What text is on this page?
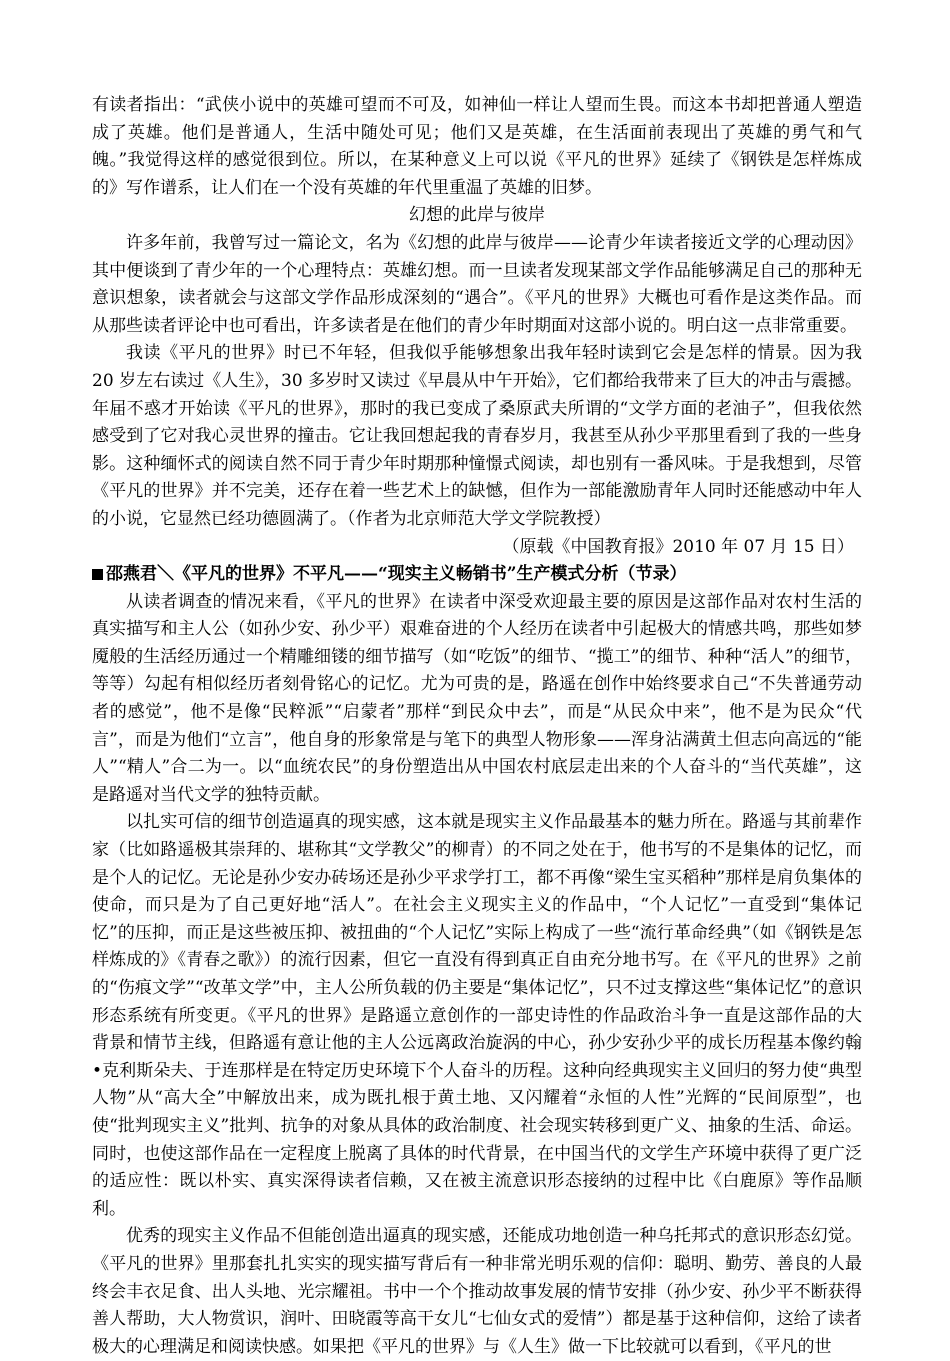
有读者指出：“武侠小说中的英雄可望而不可及，如神仙一样让人望而生畏。而这本书却把普通人塑造成了英雄。他们是普通人，生活中随处可见；他们又是英雄，在生活面前表现出了英雄的勇气和气魄。”我觉得这样的感觉很到位。所以，在某种意义上可以说《平凡的世界》延续了《钢铁是怎样炼成的》写作谱系，让人们在一个没有英雄的年代里重温了英雄的旧梦。

幻想的此岸与彼岸

许多年前，我曾写过一篇论文，名为《幻想的此岸与彼岸——论青少年读者接近文学的心理动因》其中便谈到了青少年的一个心理特点：英雄幻想。而一旦读者发现某部文学作品能够满足自己的那种无意识想象，读者就会与这部文学作品形成深刻的“遇合”。《平凡的世界》大概也可看作是这类作品。而从那些读者评论中也可看出，许多读者是在他们的青少年时期面对这部小说的。明白这一点非常重要。

我读《平凡的世界》时已不年轻，但我似乎能够想象出我年轻时读到它会是怎样的情景。因为我 20 岁左右读过《人生》，30 多岁时又读过《早晨从中午开始》，它们都给我带来了巨大的冲击与震撼。年届不惑才开始读《平凡的世界》，那时的我已变成了桑原武夫所谓的“文学方面的老油子”，但我依然感受到了它对我心灵世界的撞击。它让我回想起我的青春岁月，我甚至从孙少平那里看到了我的一些身影。这种缅怀式的阅读自然不同于青少年时期那种憧憬式阅读，却也别有一番风味。于是我想到，尽管《平凡的世界》并不完美，还存在着一些艺术上的缺憾，但作为一部能激励青年人同时还能感动中年人的小说，它显然已经功德圆满了。（作者为北京师范大学文学院教授）

（原载《中国教育报》2010 年 07 月 15 日）

邵燕君＼《平凡的世界》不平凡——“现实主义畅销书”生产模式分析（节录）

从读者调查的情况来看，《平凡的世界》在读者中深受欢迎最主要的原因是这部作品对农村生活的真实描写和主人公（如孙少安、孙少平）艰难奋进的个人经历在读者中引起极大的情感共鸣，那些如梦魇般的生活经历通过一个精雕细镂的细节描写（如“吃饭”的细节、“揽工”的细节、种种“活人”的细节，等等）勾起有相似经历者刻骨铭心的记忆。尤为可贵的是，路遥在创作中始终要求自己“不失普通劳动者的感觉”，他不是像“民粹派”“启蒙者”那样“到民众中去”，而是“从民众中来”，他不是为民众“代言”，而是为他们“立言”，他自身的形象常是与笔下的典型人物形象——浑身沾满黄土但志向高远的“能人”“精人”合二为一。以“血统农民”的身份塑造出从中国农村底层走出来的个人奋斗的“当代英雄”，这是路遥对当代文学的独特贡献。

以扎实可信的细节创造逼真的现实感，这本就是现实主义作品最基本的魅力所在。路遥与其前辈作家（比如路遥极其崇拜的、堪称其“文学教父”的柳青）的不同之处在于，他书写的不是集体的记忆，而是个人的记忆。无论是孙少安办砖场还是孙少平求学打工，都不再像“梁生宝买稻种”那样是肩负集体的使命，而只是为了自己更好地“活人”。在社会主义现实主义的作品中，“个人记忆”一直受到“集体记忆”的压抑，而正是这些被压抑、被扭曲的“个人记忆”实际上构成了一些“流行革命经典”（如《钢铁是怎样炼成的》《青春之歌》）的流行因素，但它一直没有得到真正自由充分地书写。在《平凡的世界》之前的“伤痕文学”“改革文学”中，主人公所负载的仍主要是“集体记忆”，只不过支撑这些“集体记忆”的意识形态系统有所变更。《平凡的世界》是路遥立意创作的一部史诗性的作品政治斗争一直是这部作品的大背景和情节主线，但路遥有意让他的主人公远离政治旋涡的中心，孙少安孙少平的成长历程基本像约翰•克利斯朵夫、于连那样是在特定历史环境下个人奋斗的历程。这种向经典现实主义回归的努力使“典型人物”从“高大全”中解放出来，成为既扎根于黄土地、又闪耀着“永恒的人性”光辉的“民间原型”，也使“批判现实主义”批判、抗争的对象从具体的政治制度、社会现实转移到更广义、抽象的生活、命运。同时，也使这部作品在一定程度上脱离了具体的时代背景，在中国当代的文学生产环境中获得了更广泛的适应性：既以朴实、真实深得读者信赖，又在被主流意识形态接纳的过程中比《白鹿原》等作品顺利。

优秀的现实主义作品不但能创造出逼真的现实感，还能成功地创造一种乌托邦式的意识形态幻觉。《平凡的世界》里那套扎扎实实的现实描写背后有一种非常光明乐观的信仰：聪明、勤劳、善良的人最终会丰衣足食、出人头地、光宗耀祖。书中一个个推动故事发展的情节安排（孙少安、孙少平不断获得善人帮助，大人物赏识，润叶、田晓霞等高干女儿“七仙女式的爱情”）都是基于这种信仰，这给了读者极大的心理满足和阅读快感。如果把《平凡的世界》与《人生》做一下比较就可以看到，《平凡的世
